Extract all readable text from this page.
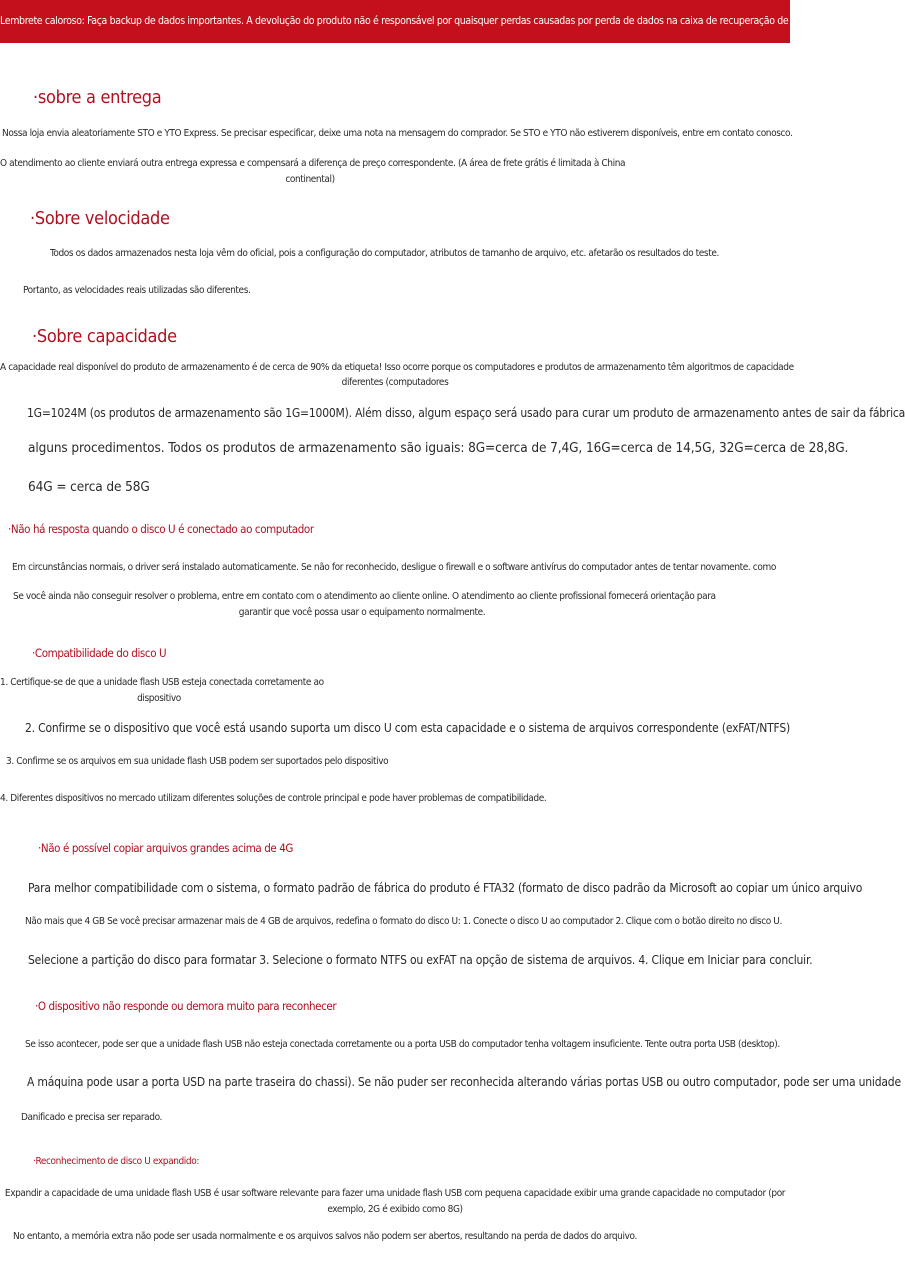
Lembrete caloroso: Faça backup de dados importantes. A devolução do produto não é responsável por quaisquer perdas causadas por perda de dados na caixa de recuperação de dados.
·sobre a entrega
Nossa loja envia aleatoriamente STO e YTO Express. Se precisar especificar, deixe uma nota na mensagem do comprador. Se STO e YTO não estiverem disponíveis, entre em contato conosco.
O atendimento ao cliente enviará outra entrega expressa e compensará a diferença de preço correspondente. (A área de frete grátis é limitada à China
continental)
·Sobre velocidade
Todos os dados armazenados nesta loja vêm do oficial, pois a configuração do computador, atributos de tamanho de arquivo, etc. afetarão os resultados do teste.
Portanto, as velocidades reais utilizadas são diferentes.
·Sobre capacidade
A capacidade real disponível do produto de armazenamento é de cerca de 90% da etiqueta! Isso ocorre porque os computadores e produtos de armazenamento têm algoritmos de capacidade
diferentes (computadores
1G=1024M (os produtos de armazenamento são 1G=1000M). Além disso, algum espaço será usado para curar um produto de armazenamento antes de sair da fábrica
alguns procedimentos. Todos os produtos de armazenamento são iguais: 8G=cerca de 7,4G, 16G=cerca de 14,5G, 32G=cerca de 28,8G.
64G = cerca de 58G
·Não há resposta quando o disco U é conectado ao computador
Em circunstâncias normais, o driver será instalado automaticamente. Se não for reconhecido, desligue o firewall e o software antivírus do computador antes de tentar novamente. como
Se você ainda não conseguir resolver o problema, entre em contato com o atendimento ao cliente online. O atendimento ao cliente profissional fornecerá orientação para
garantir que você possa usar o equipamento normalmente.
·Compatibilidade do disco U
1. Certifique-se de que a unidade flash USB esteja conectada corretamente ao
dispositivo
2. Confirme se o dispositivo que você está usando suporta um disco U com esta capacidade e o sistema de arquivos correspondente (exFAT/NTFS)
3. Confirme se os arquivos em sua unidade flash USB podem ser suportados pelo dispositivo
4. Diferentes dispositivos no mercado utilizam diferentes soluções de controle principal e pode haver problemas de compatibilidade.
·Não é possível copiar arquivos grandes acima de 4G
Para melhor compatibilidade com o sistema, o formato padrão de fábrica do produto é FTA32 (formato de disco padrão da Microsoft ao copiar um único arquivo
Não mais que 4 GB Se você precisar armazenar mais de 4 GB de arquivos, redefina o formato do disco U: 1. Conecte o disco U ao computador 2. Clique com o botão direito no disco U.
Selecione a partição do disco para formatar 3. Selecione o formato NTFS ou exFAT na opção de sistema de arquivos. 4. Clique em Iniciar para concluir.
·O dispositivo não responde ou demora muito para reconhecer
Se isso acontecer, pode ser que a unidade flash USB não esteja conectada corretamente ou a porta USB do computador tenha voltagem insuficiente. Tente outra porta USB (desktop).
A máquina pode usar a porta USD na parte traseira do chassi). Se não puder ser reconhecida alterando várias portas USB ou outro computador, pode ser uma unidade
Danificado e precisa ser reparado.
·Reconhecimento de disco U expandido:
Expandir a capacidade de uma unidade flash USB é usar software relevante para fazer uma unidade flash USB com pequena capacidade exibir uma grande capacidade no computador (por
exemplo, 2G é exibido como 8G)
No entanto, a memória extra não pode ser usada normalmente e os arquivos salvos não podem ser abertos, resultando na perda de dados do arquivo.
